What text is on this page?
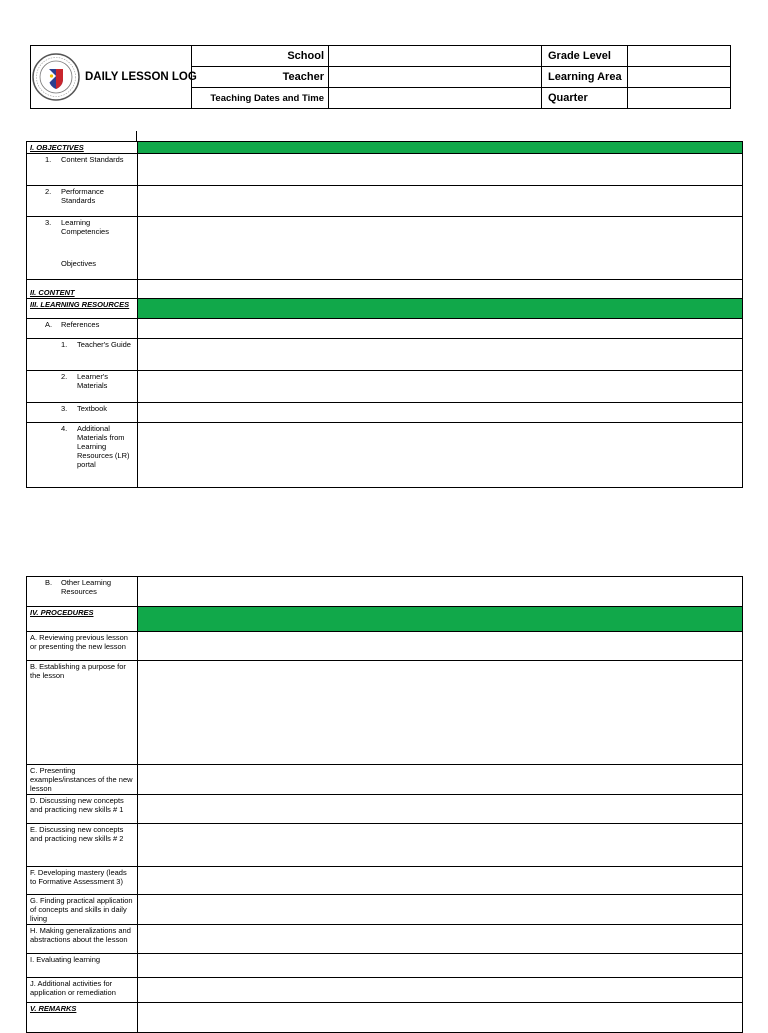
DAILY LESSON LOG	School		Grade Level	
	Teacher		Learning Area	
	Teaching Dates and Time		Quarter	
I. OBJECTIVES	

1. Content Standards	

2. Performance Standards	

3. Learning Competencies
Objectives	

II. CONTENT	
III. LEARNING RESOURCES	

A. References	

1. Teacher's Guide	

2. Learner's Materials	

3. Textbook	

4. Additional Materials from Learning Resources (LR) portal	

B. Other Learning Resources	

IV. PROCEDURES	
A. Reviewing previous lesson or presenting the new lesson	
B. Establishing a purpose for the lesson	
C. Presenting examples/instances of the new lesson	
D. Discussing new concepts and practicing new skills # 1	
E. Discussing new concepts and practicing new skills # 2	
F. Developing mastery (leads to Formative Assessment 3)	
G. Finding practical application of concepts and skills in daily living	
H. Making generalizations and abstractions about the lesson	
I. Evaluating learning	
J. Additional activities for application or remediation	
V. REMARKS	
